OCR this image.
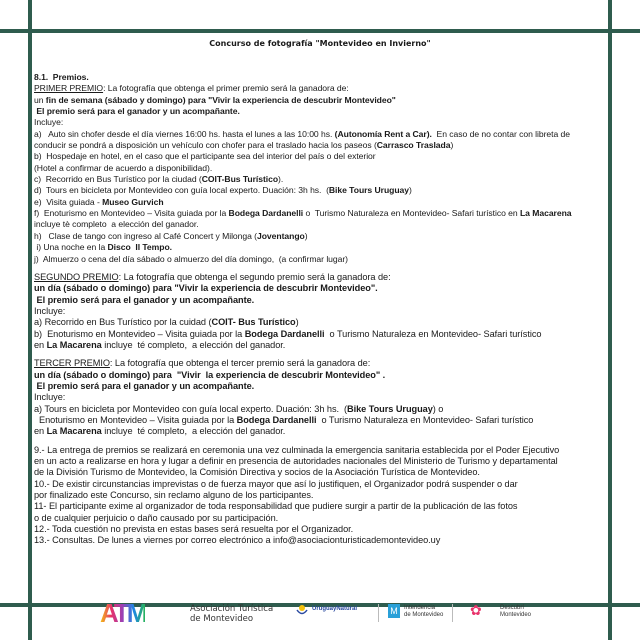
Concurso de fotografía "Montevideo en Invierno"
8.1.  Premios.
PRIMER PREMIO: La fotografía que obtenga el primer premio será la ganadora de:
un fin de semana (sábado y domingo) para "Vivir la experiencia de descubrir Montevideo"
El premio será para el ganador y un acompañante.
Incluye:
a)   Auto sin chofer desde el día viernes 16:00 hs. hasta el lunes a las 10:00 hs. (Autonomía Rent a Car).  En caso de no contar con libreta de
conducir se pondrá a disposición un vehículo con chofer para el traslado hacia los paseos (Carrasco Traslada)
b)  Hospedaje en hotel, en el caso que el participante sea del interior del país o del exterior
(Hotel a confirmar de acuerdo a disponibilidad).
c)  Recorrido en Bus Turístico por la ciudad (COIT-Bus Turístico).
d)  Tours en bicicleta por Montevideo con guía local experto. Duación: 3h hs.  (Bike Tours Uruguay)
e)  Visita guiada - Museo Gurvich
f)  Enoturismo en Montevideo – Visita guiada por la Bodega Dardanelli o  Turismo Naturaleza en Montevideo- Safari turístico en La Macarena
incluye tè completo  a elección del ganador.
h)   Clase de tango con ingreso al Café Concert y Milonga (Joventango)
i) Una noche en la Disco  Il Tempo.
j)  Almuerzo o cena del día sábado o almuerzo del día domingo,  (a confirmar lugar)
SEGUNDO PREMIO: La fotografía que obtenga el segundo premio será la ganadora de:
un día (sábado o domingo) para "Vivir la experiencia de descubrir Montevideo".
El premio será para el ganador y un acompañante.
Incluye:
a) Recorrido en Bus Turístico por la cuidad (COIT- Bus Turístico)
b)  Enoturismo en Montevideo – Visita guiada por la Bodega Dardanelli  o Turismo Naturaleza en Montevideo- Safari turístico
en La Macarena incluye  té completo,  a elección del ganador.
TERCER PREMIO: La fotografía que obtenga el tercer premio será la ganadora de:
un día (sábado o domingo) para  "Vivir  la experiencia de descubrir Montevideo" .
El premio será para el ganador y un acompañante.
Incluye:
a) Tours en bicicleta por Montevideo con guía local experto. Duación: 3h hs.  (Bike Tours Uruguay) o
Enoturismo en Montevideo – Visita guiada por la Bodega Dardanelli  o Turismo Naturaleza en Montevideo- Safari turístico
en La Macarena incluye  té completo,  a elección del ganador.
9.- La entrega de premios se realizará en ceremonia una vez culminada la emergencia sanitaria establecida por el Poder Ejecutivo
en un acto a realizarse en hora y lugar a definir en presencia de autoridades nacionales del Ministerio de Turismo y departamental
de la División Turismo de Montevideo, la Comisión Directiva y socios de la Asociación Turística de Montevideo.
10.- De existir circunstancias imprevistas o de fuerza mayor que así lo justifiquen, el Organizador podrá suspender o dar
por finalizado este Concurso, sin reclamo alguno de los participantes.
11- El participante exime al organizador de toda responsabilidad que pudiere surgir a partir de la publicación de las fotos
o de cualquier perjuicio o daño causado por su participación.
12.- Toda cuestión no prevista en estas bases será resuelta por el Organizador.
13.- Consultas. De lunes a viernes por correo electrónico a info@asociacionturisticademontevideo.uy
ATM	Asociación Turística
de Montevideo
UruguayNatural	M	Intendencia
de Montevideo ✿	Descubrí
Montevideo
